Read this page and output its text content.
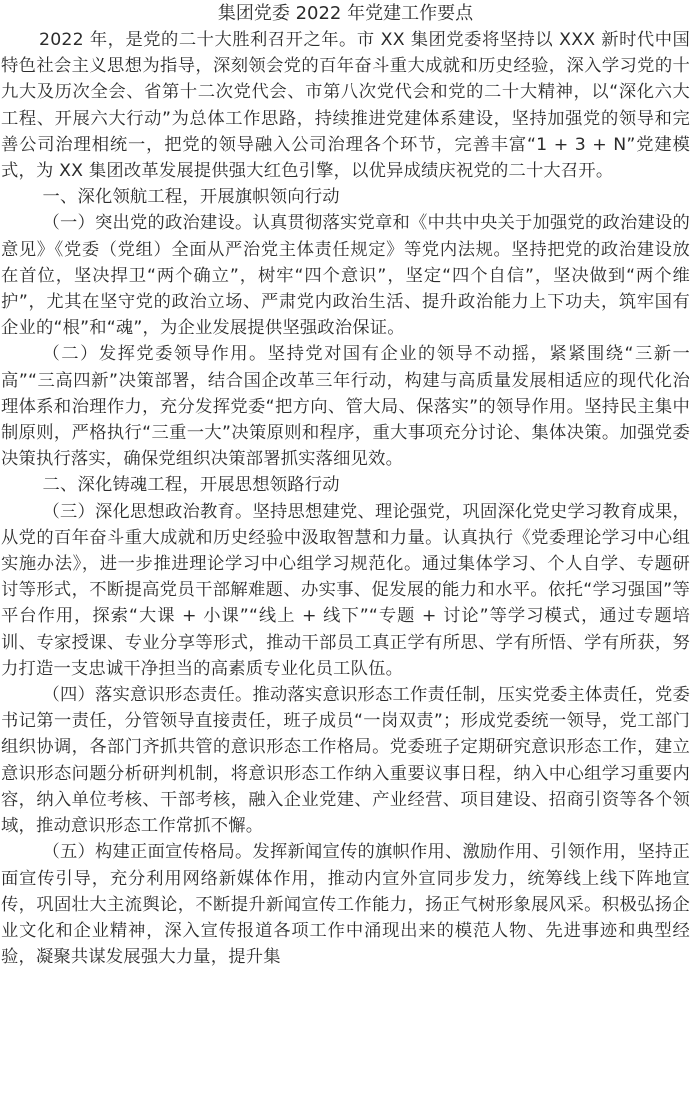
集团党委 2022 年党建工作要点

2022 年，是党的二十大胜利召开之年。市 XX 集团党委将坚持以 XXX 新时代中国特色社会主义思想为指导，深刻领会党的百年奋斗重大成就和历史经验，深入学习党的十九大及历次全会、省第十二次党代会、市第八次党代会和党的二十大精神，以“深化六大工程、开展六大行动”为总体工作思路，持续推进党建体系建设，坚持加强党的领导和完善公司治理相统一，把党的领导融入公司治理各个环节，完善丰富“1 + 3 + N”党建模式，为 XX 集团改革发展提供强大红色引擎，以优异成绩庆祝党的二十大召开。

一、深化领航工程，开展旗帜领向行动

（一）突出党的政治建设。认真贯彻落实党章和《中共中央关于加强党的政治建设的意见》《党委（党组）全面从严治党主体责任规定》等党内法规。坚持把党的政治建设放在首位，坚决捍卫“两个确立”，树牢“四个意识”，坚定“四个自信”，坚决做到“两个维护”，尤其在坚守党的政治立场、严肃党内政治生活、提升政治能力上下功夫，筑牢国有企业的“根”和“魂”，为企业发展提供坚强政治保证。

（二）发挥党委领导作用。坚持党对国有企业的领导不动摇，紧紧围绕“三新一高”“三高四新”决策部署，结合国企改革三年行动，构建与高质量发展相适应的现代化治理体系和治理作力，充分发挥党委“把方向、管大局、保落实”的领导作用。坚持民主集中制原则，严格执行“三重一大”决策原则和程序，重大事项充分讨论、集体决策。加强党委决策执行落实，确保党组织决策部署抓实落细见效。

二、深化铸魂工程，开展思想领路行动

（三）深化思想政治教育。坚持思想建党、理论强党，巩固深化党史学习教育成果，从党的百年奋斗重大成就和历史经验中汲取智慧和力量。认真执行《党委理论学习中心组实施办法》，进一步推进理论学习中心组学习规范化。通过集体学习、个人自学、专题研讨等形式，不断提高党员干部解难题、办实事、促发展的能力和水平。依托“学习强国”等平台作用，探索“大课 + 小课”“线上 + 线下”“专题 + 讨论”等学习模式，通过专题培训、专家授课、专业分享等形式，推动干部员工真正学有所思、学有所悟、学有所获，努力打造一支忠诚干净担当的高素质专业化员工队伍。

（四）落实意识形态责任。推动落实意识形态工作责任制，压实党委主体责任，党委书记第一责任，分管领导直接责任，班子成员“一岗双责”；形成党委统一领导，党工部门组织协调，各部门齐抓共管的意识形态工作格局。党委班子定期研究意识形态工作，建立意识形态问题分析研判机制，将意识形态工作纳入重要议事日程，纳入中心组学习重要内容，纳入单位考核、干部考核，融入企业党建、产业经营、项目建设、招商引资等各个领域，推动意识形态工作常抓不懈。

（五）构建正面宣传格局。发挥新闻宣传的旗帜作用、激励作用、引领作用，坚持正面宣传引导，充分利用网络新媒体作用，推动内宣外宣同步发力，统筹线上线下阵地宣传，巩固壮大主流舆论，不断提升新闻宣传工作能力，扬正气树形象展风采。积极弘扬企业文化和企业精神，深入宣传报道各项工作中涌现出来的模范人物、先进事迹和典型经验，凝聚共谋发展强大力量，提升集
